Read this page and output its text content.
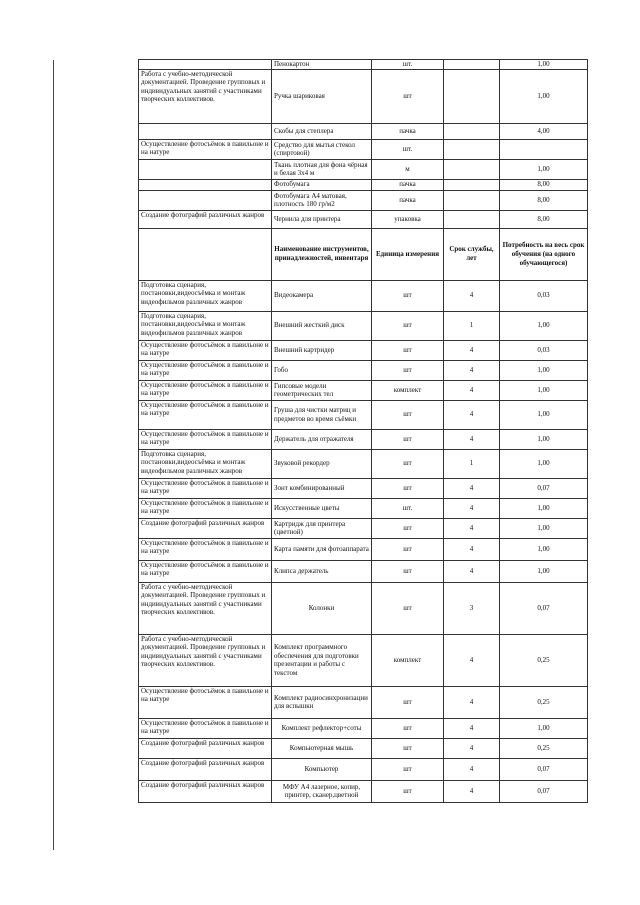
	Пенокартон	шт.		1,00
Работа с учебно-методической документацией. Проведение групповых и индивидуальных занятий с участниками творческих коллективов.	Ручка шариковая	шт		1,00
	Скобы для степлера	пачка		4,00
Осуществление фотосъёмок в павильоне и на натуре	Средство для мытья стекол (спиртовой)	шт.		
	Ткань плотная для фона чёрная и белая 3х4 м	м		1,00
	Фотобумага	пачка		8,00
	Фотобумага А4 матовая, плотность 180 гр/м2	пачка		8,00
Создание фотографий различных жанров	Чернила для принтера	упаковка		8,00
	Наименование инструментов, принадлежностей, инвентаря	Единица измерения	Срок службы, лет	Потребность на весь срок обучения (на одного обучающегося)
Подготовка сценария, постановки,видеосъёмка и монтаж видеофильмов различных жанров	Видеокамера	шт	4	0,03
Подготовка сценария, постановки,видеосъёмка и монтаж видеофильмов различных жанров	Внешний жесткий диск	шт	1	1,00
Осуществление фотосъёмок в павильоне и на натуре	Внешний картридер	шт	4	0,03
Осуществление фотосъёмок в павильоне и на натуре	Гобо	шт	4	1,00
Осуществление фотосъёмок в павильоне и на натуре	Гипсовые модели геометрических тел	комплект	4	1,00
Осуществление фотосъёмок в павильоне и на натуре	Груша для чистки матриц и предметов во время съёмки	шт	4	1,00
Осуществление фотосъёмок в павильоне и на натуре	Держатель для отражателя	шт	4	1,00
Подготовка сценария, постановки,видеосъёмка и монтаж видеофильмов различных жанров	Звуковой рекордер	шт	1	1,00
Осуществление фотосъёмок в павильоне и на натуре	Зонт комбинированный	шт	4	0,07
Осуществление фотосъёмок в павильоне и на натуре	Искусственные цветы	шт.	4	1,00
Создание фотографий различных жанров	Картридж для принтера (цветной)	шт	4	1,00
Осуществление фотосъёмок в павильоне и на натуре	Карта памяти для фотоаппарата	шт	4	1,00
Осуществление фотосъёмок в павильоне и на натуре	Клипса держатель	шт	4	1,00
Работа с учебно-методической документацией. Проведение групповых и индивидуальных занятий с участниками творческих коллективов.	Колонки	шт	3	0,07
Работа с учебно-методической документацией. Проведение групповых и индивидуальных занятий с участниками творческих коллективов.	Комплект программного обеспечения для подготовки презентации и работы с текстом	комплект	4	0,25
Осуществление фотосъёмок в павильоне и на натуре	Комплект радиосинхронизации для вспышки	шт	4	0,25
Осуществление фотосъёмок в павильоне и на натуре	Комплект рефлектор+соты	шт	4	1,00
Создание фотографий различных жанров	Компьютерная мышь	шт	4	0,25
Создание фотографий различных жанров	Компьютер	шт	4	0,07
Создание фотографий различных жанров	МФУ А4 лазерное, копир, принтер, сканер,цветной	шт	4	0,07
